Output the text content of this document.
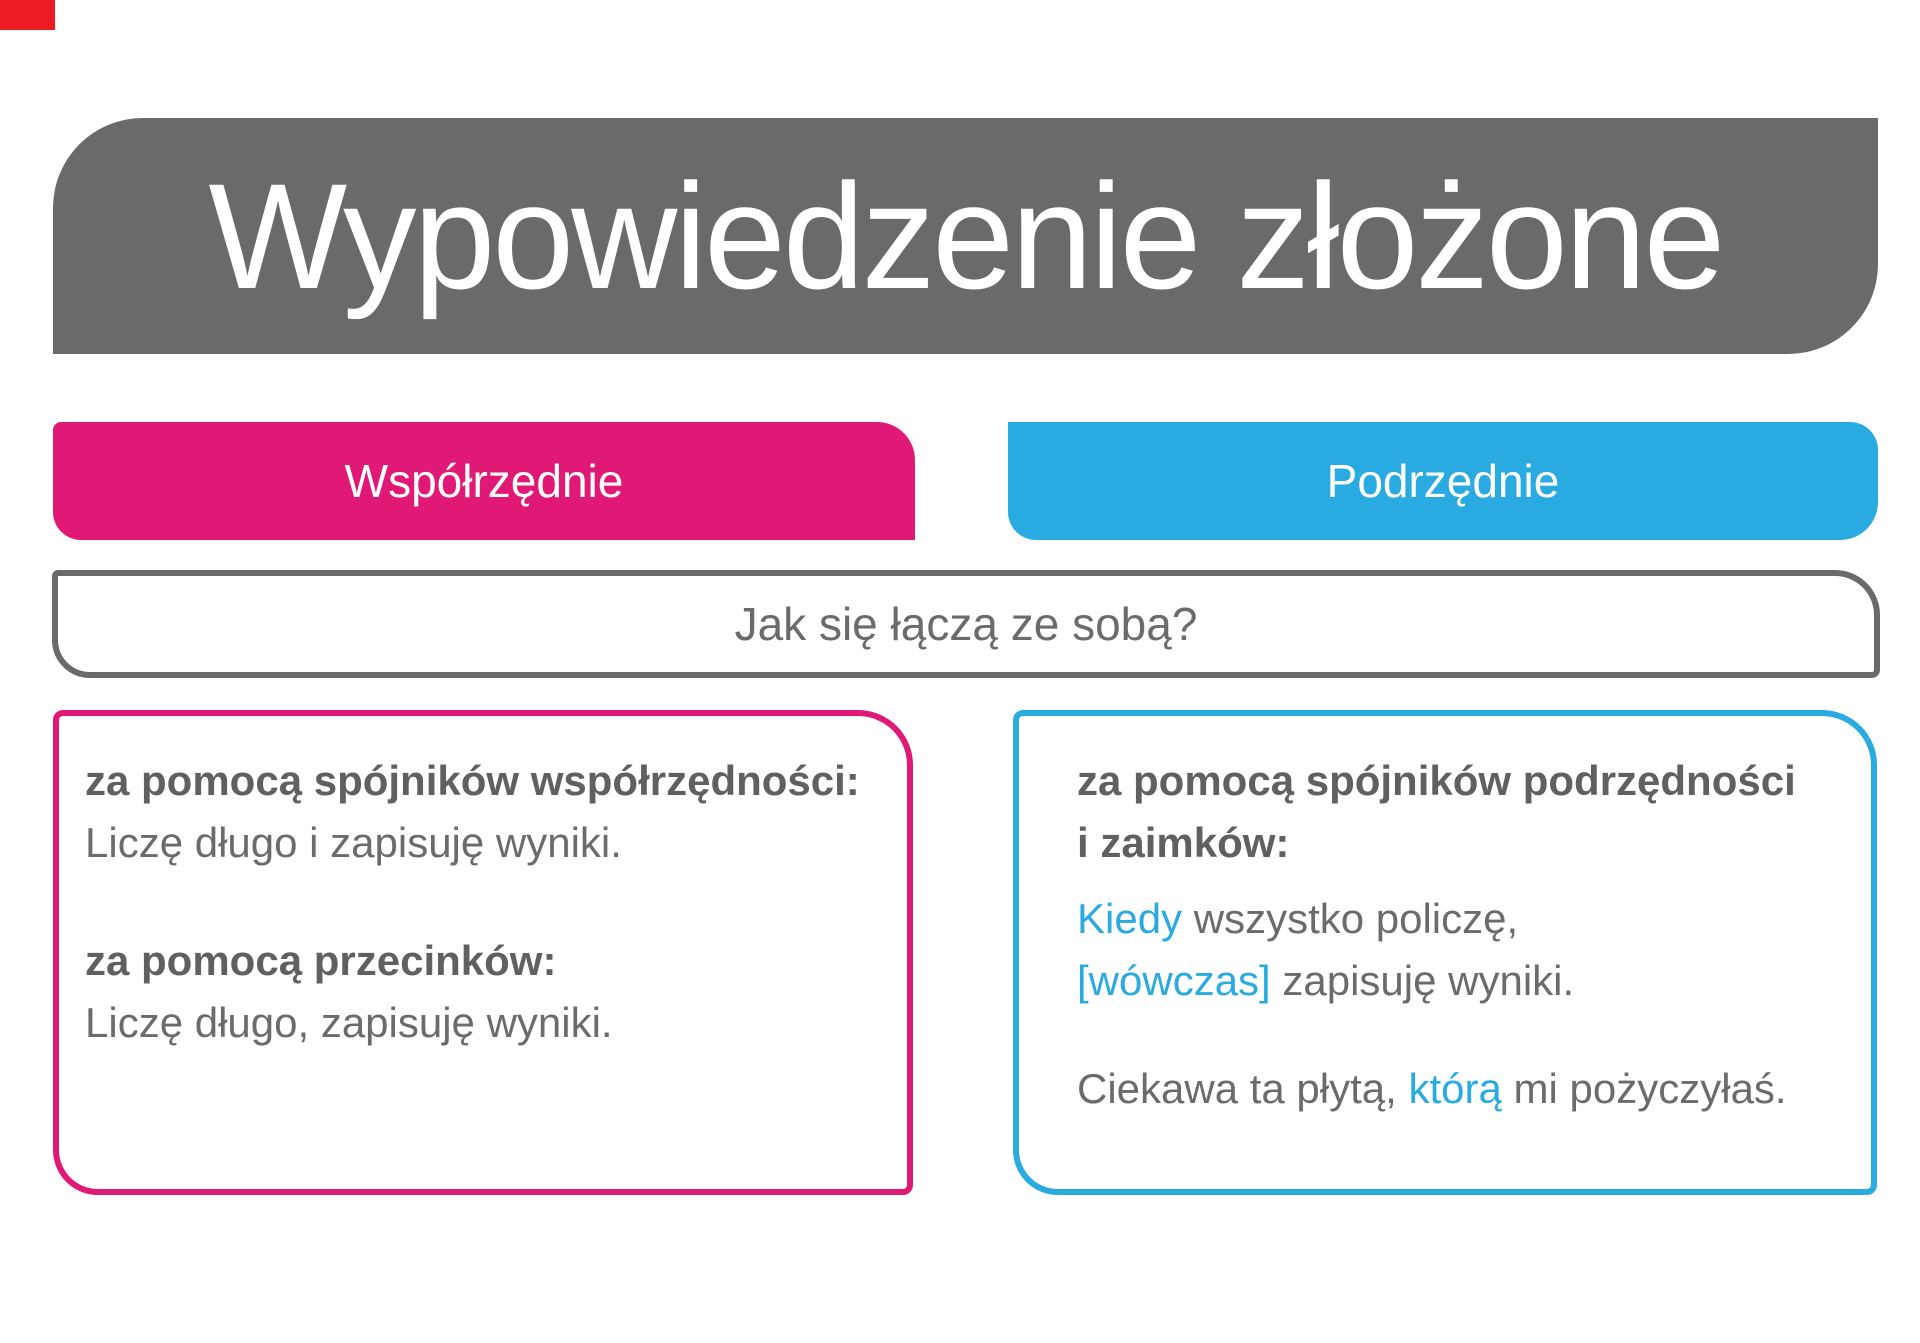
Wypowiedzenie złożone
Współrzędnie	Podrzędnie
Jak się łączą ze sobą?

za pomocą spójników współrzędności:

Liczę długo i zapisuję wyniki.

za pomocą przecinków:

Liczę długo, zapisuję wyniki.

za pomocą spójników podrzędności

i zaimków:

Kiedy wszystko policzę,

[wówczas] zapisuję wyniki.

Ciekawa ta płytą, którą mi pożyczyłaś.
